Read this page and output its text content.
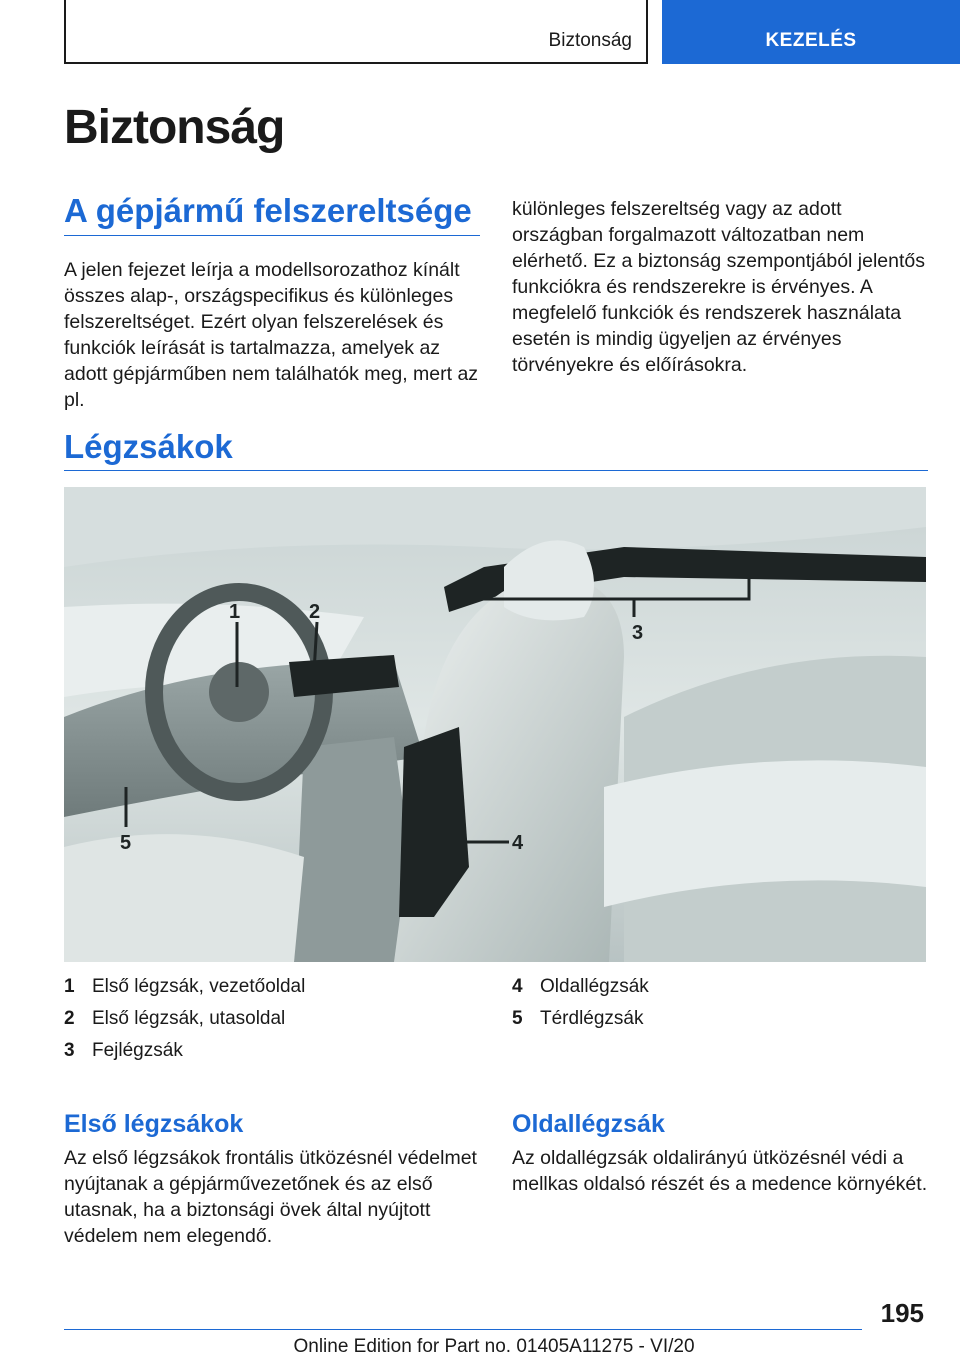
Biztonság	KEZELÉS
Biztonság
A gépjármű felszereltsége

A jelen fejezet leírja a modellsorozathoz kínált összes alap-, országspecifikus és különleges felszereltséget. Ezért olyan felszerelések és funkciók leírását is tartalmazza, amelyek az adott gépjárműben nem találhatók meg, mert az pl.

különleges felszereltség vagy az adott országban forgalmazott változatban nem elérhető. Ez a biztonság szempontjából jelentős funkciókra és rendszerekre is érvényes. A megfelelő funkciók és rendszerek használata esetén is mindig ügyeljen az érvényes törvényekre és előírásokra.

Légzsákok
1	2
3
4
5
1 Első légzsák, vezetőoldal
2 Első légzsák, utasoldal
3 Fejlégzsák
4 Oldallégzsák
5 Térdlégzsák
Első légzsákok

Az első légzsákok frontális ütközésnél védelmet nyújtanak a gépjárművezetőnek és az első utasnak, ha a biztonsági övek által nyújtott védelem nem elegendő.

Oldallégzsák

Az oldallégzsák oldalirányú ütközésnél védi a mellkas oldalsó részét és a medence környékét.

195
Online Edition for Part no. 01405A11275 - VI/20
